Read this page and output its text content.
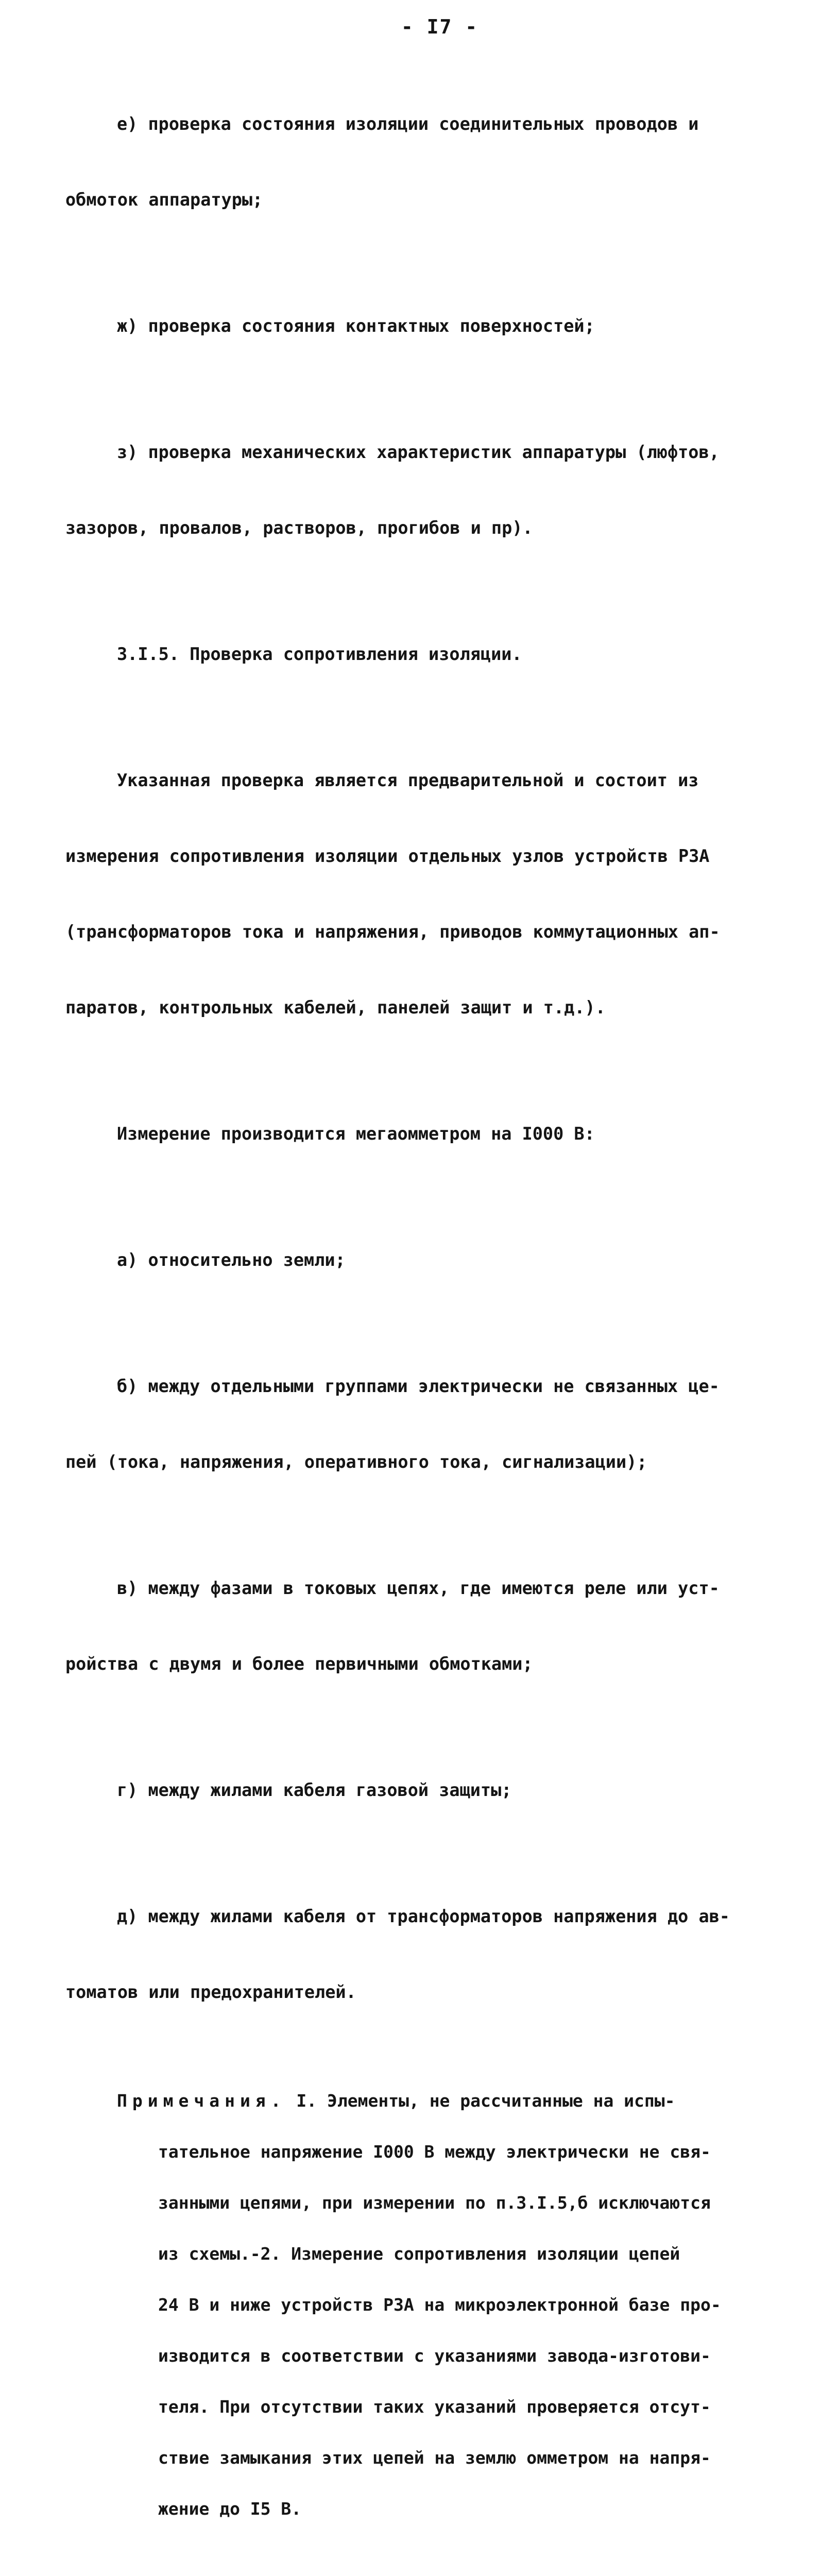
- I7 -

е) проверка состояния изоляции соединительных проводов и

обмоток аппаратуры;

ж) проверка состояния контактных поверхностей;

з) проверка механических характеристик аппаратуры (люфтов,

зазоров, провалов, растворов, прогибов и пр).

3.I.5. Проверка сопротивления изоляции.

Указанная проверка является предварительной и состоит из

измерения сопротивления изоляции отдельных узлов устройств РЗА

(трансформаторов тока и напряжения, приводов коммутационных ап-

паратов, контрольных кабелей, панелей защит и т.д.).

Измерение производится мегаомметром на I000 В:

а) относительно земли;

б) между отдельными группами электрически не связанных це-

пей (тока, напряжения, оперативного тока, сигнализации);

в) между фазами в токовых цепях, где имеются реле или уст-

ройства с двумя и более первичными обмотками;

г) между жилами кабеля газовой защиты;

д) между жилами кабеля от трансформаторов напряжения до ав-

томатов или предохранителей.

Примечания. I. Элементы, не рассчитанные на испы-

тательное напряжение I000 В между электрически не свя-

занными цепями, при измерении по п.3.I.5,б исключаются

из схемы.-2. Измерение сопротивления изоляции цепей

24 В и ниже устройств РЗА на микроэлектронной базе про-

изводится в соответствии с указаниями завода-изготови-

теля. При отсутствии таких указаний проверяется отсут-

ствие замыкания этих цепей на землю омметром на напря-

жение до I5 В.
